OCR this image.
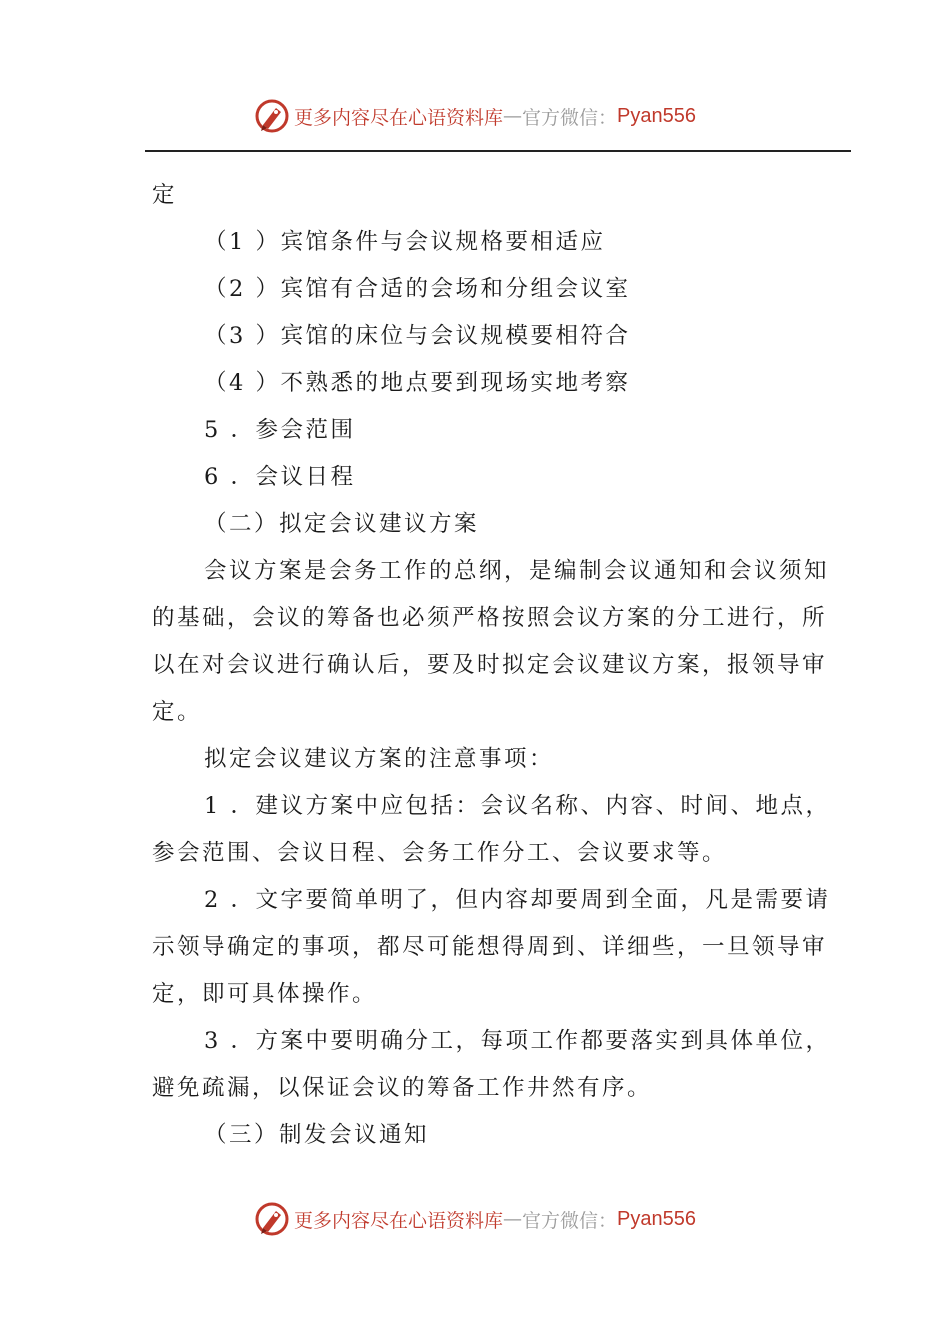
更多内容尽在心语资料库 — 官方微信： Pyan556
定
（1 ）宾馆条件与会议规格要相适应
（2 ）宾馆有合适的会场和分组会议室
（3 ）宾馆的床位与会议规模要相符合
（4 ）不熟悉的地点要到现场实地考察
5 ．参会范围
6 ．会议日程
（二）拟定会议建议方案
会议方案是会务工作的总纲，是编制会议通知和会议须知
的基础，会议的筹备也必须严格按照会议方案的分工进行，所
以在对会议进行确认后，要及时拟定会议建议方案，报领导审
定。
拟定会议建议方案的注意事项：
1 ．建议方案中应包括：会议名称、内容、时间、地点，
参会范围、会议日程、会务工作分工、会议要求等。
2 ．文字要简单明了，但内容却要周到全面，凡是需要请
示领导确定的事项，都尽可能想得周到、详细些，一旦领导审
定，即可具体操作。
3 ．方案中要明确分工，每项工作都要落实到具体单位，
避免疏漏，以保证会议的筹备工作井然有序。
（三）制发会议通知
更多内容尽在心语资料库 — 官方微信： Pyan556
